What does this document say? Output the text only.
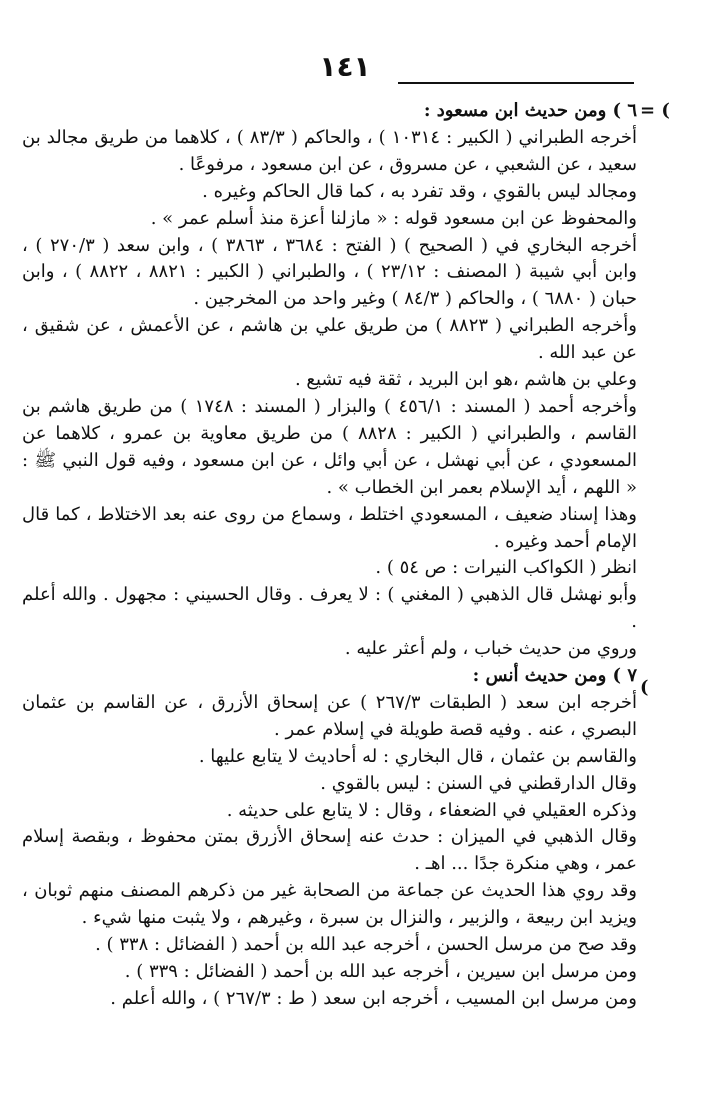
١٤١
= (
(

٦ ) ومن حديث ابن مسعود :

أخرجه الطبراني ( الكبير : ١٠٣١٤ ) ، والحاكم ( ٨٣/٣ ) ، كلاهما من طريق مجالد بن سعيد ، عن الشعبي ، عن مسروق ، عن ابن مسعود ، مرفوعًا .

ومجالد ليس بالقوي ، وقد تفرد به ، كما قال الحاكم وغيره .

والمحفوظ عن ابن مسعود قوله : « مازلنا أعزة منذ أسلم عمر » .

أخرجه البخاري في ( الصحيح ) ( الفتح : ٣٦٨٤ ، ٣٨٦٣ ) ، وابن سعد ( ٢٧٠/٣ ) ، وابن أبي شيبة ( المصنف : ٢٣/١٢ ) ، والطبراني ( الكبير : ٨٨٢١ ، ٨٨٢٢ ) ، وابن حبان ( ٦٨٨٠ ) ، والحاكم ( ٨٤/٣ ) وغير واحد من المخرجين .

وأخرجه الطبراني ( ٨٨٢٣ ) من طريق علي بن هاشم ، عن الأعمش ، عن شقيق ، عن عبد الله .

وعلي بن هاشم ،هو ابن البريد ، ثقة فيه تشيع .

وأخرجه أحمد ( المسند : ٤٥٦/١ ) والبزار ( المسند : ١٧٤٨ ) من طريق هاشم بن القاسم ، والطبراني ( الكبير : ٨٨٢٨ ) من طريق معاوية بن عمرو ، كلاهما عن المسعودي ، عن أبي نهشل ، عن أبي وائل ، عن ابن مسعود ، وفيه قول النبي ﷺ : « اللهم ، أيد الإسلام بعمر ابن الخطاب » .

وهذا إسناد ضعيف ، المسعودي اختلط ، وسماع من روى عنه بعد الاختلاط ، كما قال الإمام أحمد وغيره .

انظر ( الكواكب النيرات : ص ٥٤ ) .

وأبو نهشل قال الذهبي ( المغني ) : لا يعرف . وقال الحسيني : مجهول . والله أعلم .

وروي من حديث خباب ، ولم أعثر عليه .

٧ ) ومن حديث أنس :

أخرجه ابن سعد ( الطبقات ٢٦٧/٣ ) عن إسحاق الأزرق ، عن القاسم بن عثمان البصري ، عنه . وفيه قصة طويلة في إسلام عمر .

والقاسم بن عثمان ، قال البخاري : له أحاديث لا يتابع عليها .

وقال الدارقطني في السنن : ليس بالقوي .

وذكره العقيلي في الضعفاء ، وقال : لا يتابع على حديثه .

وقال الذهبي في الميزان : حدث عنه إسحاق الأزرق بمتن محفوظ ، وبقصة إسلام عمر ، وهي منكرة جدًا ... اهـ .

وقد روي هذا الحديث عن جماعة من الصحابة غير من ذكرهم المصنف منهم ثوبان ، ويزيد ابن ربيعة ، والزبير ، والنزال بن سبرة ، وغيرهم ، ولا يثبت منها شيء .

وقد صح من مرسل الحسن ، أخرجه عبد الله بن أحمد ( الفضائل : ٣٣٨ ) .

ومن مرسل ابن سيرين ، أخرجه عبد الله بن أحمد ( الفضائل : ٣٣٩ ) .

ومن مرسل ابن المسيب ، أخرجه ابن سعد ( ط : ٢٦٧/٣ ) ، والله أعلم .
